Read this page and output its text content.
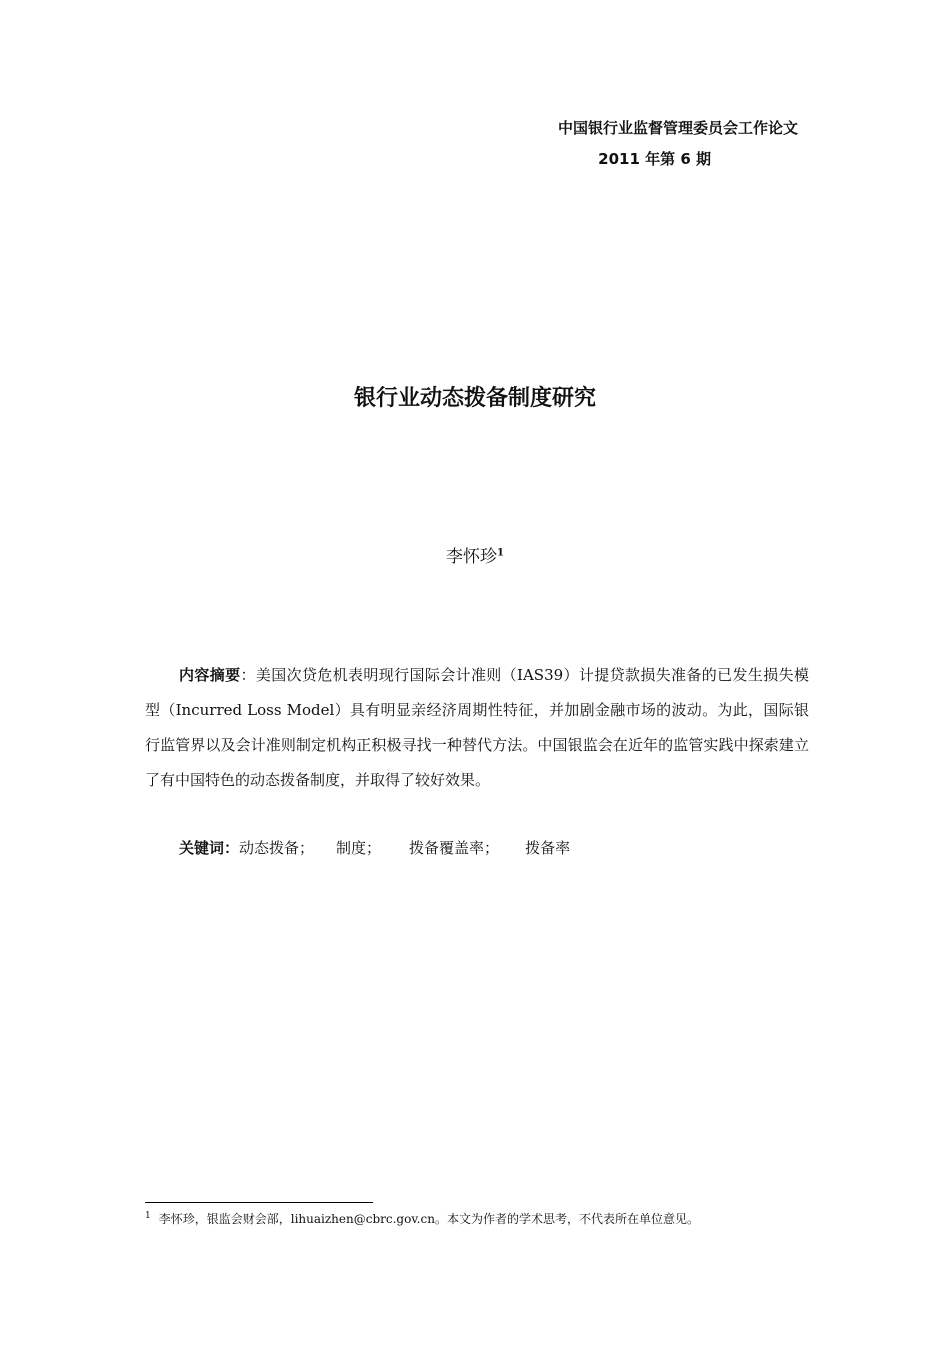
中国银行业监督管理委员会工作论文
2011 年第 6 期
银行业动态拨备制度研究
李怀珍$^1$
内容摘要：美国次贷危机表明现行国际会计准则（IAS39）计提贷款损失准备的已发生损失模型（Incurred Loss Model）具有明显亲经济周期性特征，并加剧金融市场的波动。为此，国际银行监管界以及会计准则制定机构正积极寻找一种替代方法。中国银监会在近年的监管实践中探索建立了有中国特色的动态拨备制度，并取得了较好效果。
关键词：动态拨备； 制度； 拨备覆盖率； 拨备率
$^1$ 李怀珍，银监会财会部，lihuaizhen@cbrc.gov.cn。本文为作者的学术思考，不代表所在单位意见。
